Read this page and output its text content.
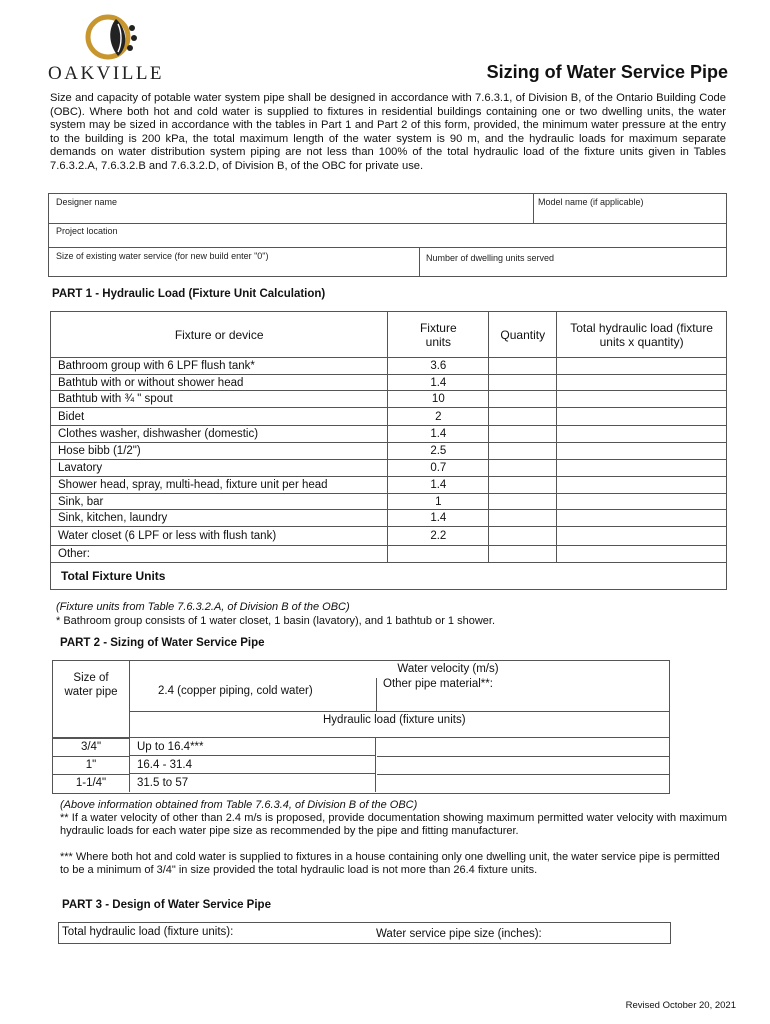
OAKVILLE	Sizing of Water Service Pipe
Size and capacity of potable water system pipe shall be designed in accordance with 7.6.3.1, of Division B, of the Ontario Building Code (OBC). Where both hot and cold water is supplied to fixtures in residential buildings containing one or two dwelling units, the water system may be sized in accordance with the tables in Part 1 and Part 2 of this form, provided, the minimum water pressure at the entry to the building is 200 kPa, the total maximum length of the water system is 90 m, and the hydraulic loads for maximum separate demands on water distribution system piping are not less than 100% of the total hydraulic load of the fixture units given in Tables 7.6.3.2.A, 7.6.3.2.B and 7.6.3.2.D, of Division B, of the OBC for private use.
Designer name	Model name (if applicable)
Project location
Size of existing water service (for new build enter "0")	Number of dwelling units served
PART 1 - Hydraulic Load (Fixture Unit Calculation)
Fixture or device	Fixture units	Quantity	Total hydraulic load (fixture units x quantity)
Bathroom group with 6 LPF flush tank*	3.6		
Bathtub with or without shower head	1.4		
Bathtub with ¾ " spout	10		
Bidet	2		
Clothes washer, dishwasher (domestic)	1.4		
Hose bibb (1/2")	2.5		
Lavatory	0.7		
Shower head, spray, multi-head, fixture unit per head	1.4		
Sink, bar	1		
Sink, kitchen, laundry	1.4		
Water closet (6 LPF or less with flush tank)	2.2		
Other:			
Total Fixture Units			
(Fixture units from Table 7.6.3.2.A, of Division B of the OBC)
* Bathroom group consists of 1 water closet, 1 basin (lavatory), and 1 bathtub or 1 shower.
PART 2 - Sizing of Water Service Pipe
Size of water pipe
Water velocity (m/s)
2.4 (copper piping, cold water)
Other pipe material**:
Hydraulic load (fixture units)
3/4"	Up to 16.4***
1"	16.4 - 31.4
1-1/4"	31.5 to 57
(Above information obtained from Table 7.6.3.4, of Division B of the OBC)
** If a water velocity of other than 2.4 m/s is proposed, provide documentation showing maximum permitted water velocity with maximum hydraulic loads for each water pipe size as recommended by the pipe and fitting manufacturer.
*** Where both hot and cold water is supplied to fixtures in a house containing only one dwelling unit, the water service pipe is permitted to be a minimum of 3/4" in size provided the total hydraulic load is not more than 26.4 fixture units.
PART 3 - Design of Water Service Pipe
Total hydraulic load (fixture units):	Water service pipe size (inches):
Revised October 20, 2021
